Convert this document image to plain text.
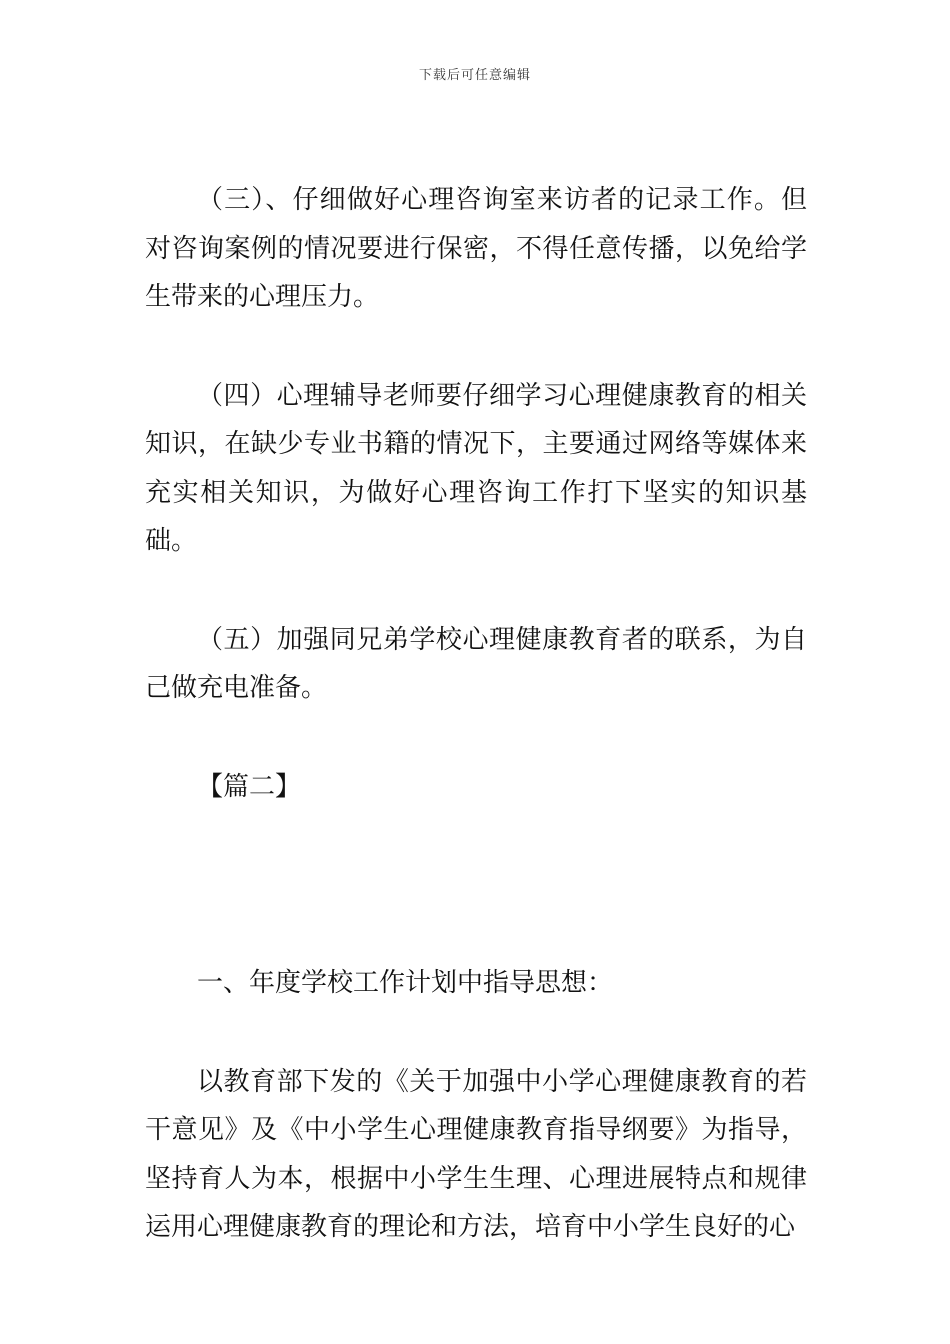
下载后可任意编辑

（三）、仔细做好心理咨询室来访者的记录工作。但对咨询案例的情况要进行保密，不得任意传播，以免给学生带来的心理压力。

（四）心理辅导老师要仔细学习心理健康教育的相关知识，在缺少专业书籍的情况下，主要通过网络等媒体来充实相关知识，为做好心理咨询工作打下坚实的知识基础。

（五）加强同兄弟学校心理健康教育者的联系，为自己做充电准备。

【篇二】

一、年度学校工作计划中指导思想：

以教育部下发的《关于加强中小学心理健康教育的若干意见》及《中小学生心理健康教育指导纲要》为指导，坚持育人为本，根据中小学生生理、心理进展特点和规律运用心理健康教育的理论和方法，培育中小学生良好的心
